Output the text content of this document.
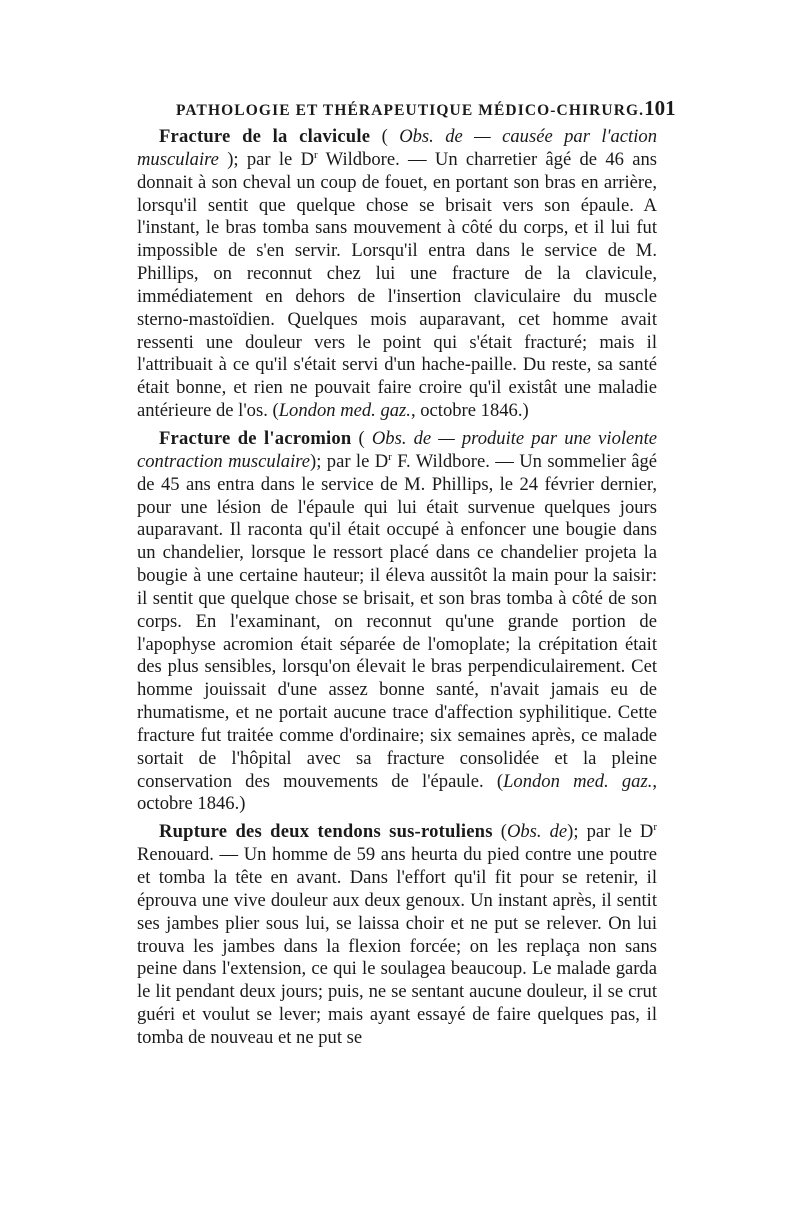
PATHOLOGIE ET THÉRAPEUTIQUE MÉDICO-CHIRURG. 101

Fracture de la clavicule ( Obs. de — causée par l'action musculaire ); par le $D^r$ Wildbore. — Un charretier âgé de 46 ans donnait à son cheval un coup de fouet, en portant son bras en arrière, lorsqu'il sentit que quelque chose se brisait vers son épaule. A l'instant, le bras tomba sans mouvement à côté du corps, et il lui fut impossible de s'en servir. Lorsqu'il entra dans le service de M. Phillips, on reconnut chez lui une fracture de la clavicule, immédiatement en dehors de l'insertion claviculaire du muscle sterno-mastoïdien. Quelques mois auparavant, cet homme avait ressenti une douleur vers le point qui s'était fracturé; mais il l'attribuait à ce qu'il s'était servi d'un hache-paille. Du reste, sa santé était bonne, et rien ne pouvait faire croire qu'il existât une maladie antérieure de l'os. (London med. gaz., octobre 1846.)

Fracture de l'acromion ( Obs. de — produite par une violente contraction musculaire); par le $D^r$ F. Wildbore. — Un sommelier âgé de 45 ans entra dans le service de M. Phillips, le 24 février dernier, pour une lésion de l'épaule qui lui était survenue quelques jours auparavant. Il raconta qu'il était occupé à enfoncer une bougie dans un chandelier, lorsque le ressort placé dans ce chandelier projeta la bougie à une certaine hauteur; il éleva aussitôt la main pour la saisir: il sentit que quelque chose se brisait, et son bras tomba à côté de son corps. En l'examinant, on reconnut qu'une grande portion de l'apophyse acromion était séparée de l'omoplate; la crépitation était des plus sensibles, lorsqu'on élevait le bras perpendiculairement. Cet homme jouissait d'une assez bonne santé, n'avait jamais eu de rhumatisme, et ne portait aucune trace d'affection syphilitique. Cette fracture fut traitée comme d'ordinaire; six semaines après, ce malade sortait de l'hôpital avec sa fracture consolidée et la pleine conservation des mouvements de l'épaule. (London med. gaz., octobre 1846.)

Rupture des deux tendons sus-rotuliens (Obs. de); par le $D^r$ Renouard. — Un homme de 59 ans heurta du pied contre une poutre et tomba la tête en avant. Dans l'effort qu'il fit pour se retenir, il éprouva une vive douleur aux deux genoux. Un instant après, il sentit ses jambes plier sous lui, se laissa choir et ne put se relever. On lui trouva les jambes dans la flexion forcée; on les replaça non sans peine dans l'extension, ce qui le soulagea beaucoup. Le malade garda le lit pendant deux jours; puis, ne se sentant aucune douleur, il se crut guéri et voulut se lever; mais ayant essayé de faire quelques pas, il tomba de nouveau et ne put se
